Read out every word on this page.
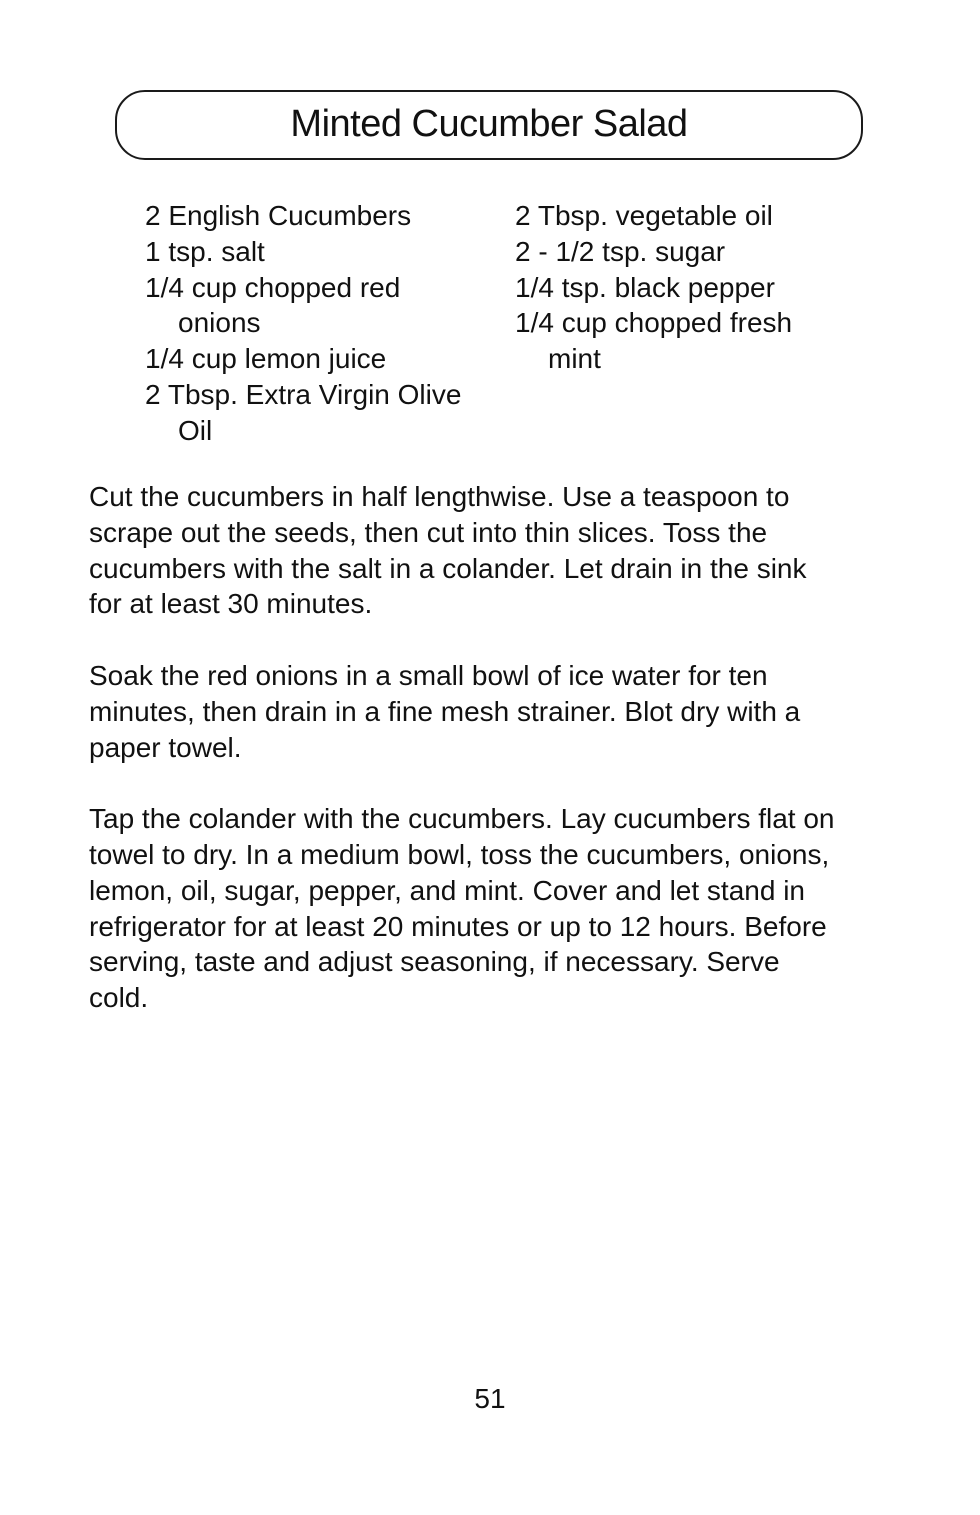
Minted Cucumber Salad
2 English Cucumbers
1 tsp. salt
1/4 cup chopped red
onions
1/4 cup lemon juice
2 Tbsp. Extra Virgin Olive
Oil
2 Tbsp. vegetable oil
2 - 1/2 tsp. sugar
1/4 tsp. black pepper
1/4 cup chopped fresh
mint
Cut the cucumbers in half lengthwise. Use a teaspoon to
scrape out the seeds, then cut into thin slices. Toss the
cucumbers with the salt in a colander. Let drain in the sink
for at least 30 minutes.
Soak the red onions in a small bowl of ice water for ten
minutes, then drain in a fine mesh strainer. Blot dry with a
paper towel.
Tap the colander with the cucumbers. Lay cucumbers flat on
towel to dry. In a medium bowl, toss the cucumbers, onions,
lemon, oil, sugar, pepper, and mint. Cover and let stand in
refrigerator for at least 20 minutes or up to 12 hours. Before
serving, taste and adjust seasoning, if necessary. Serve
cold.
51
